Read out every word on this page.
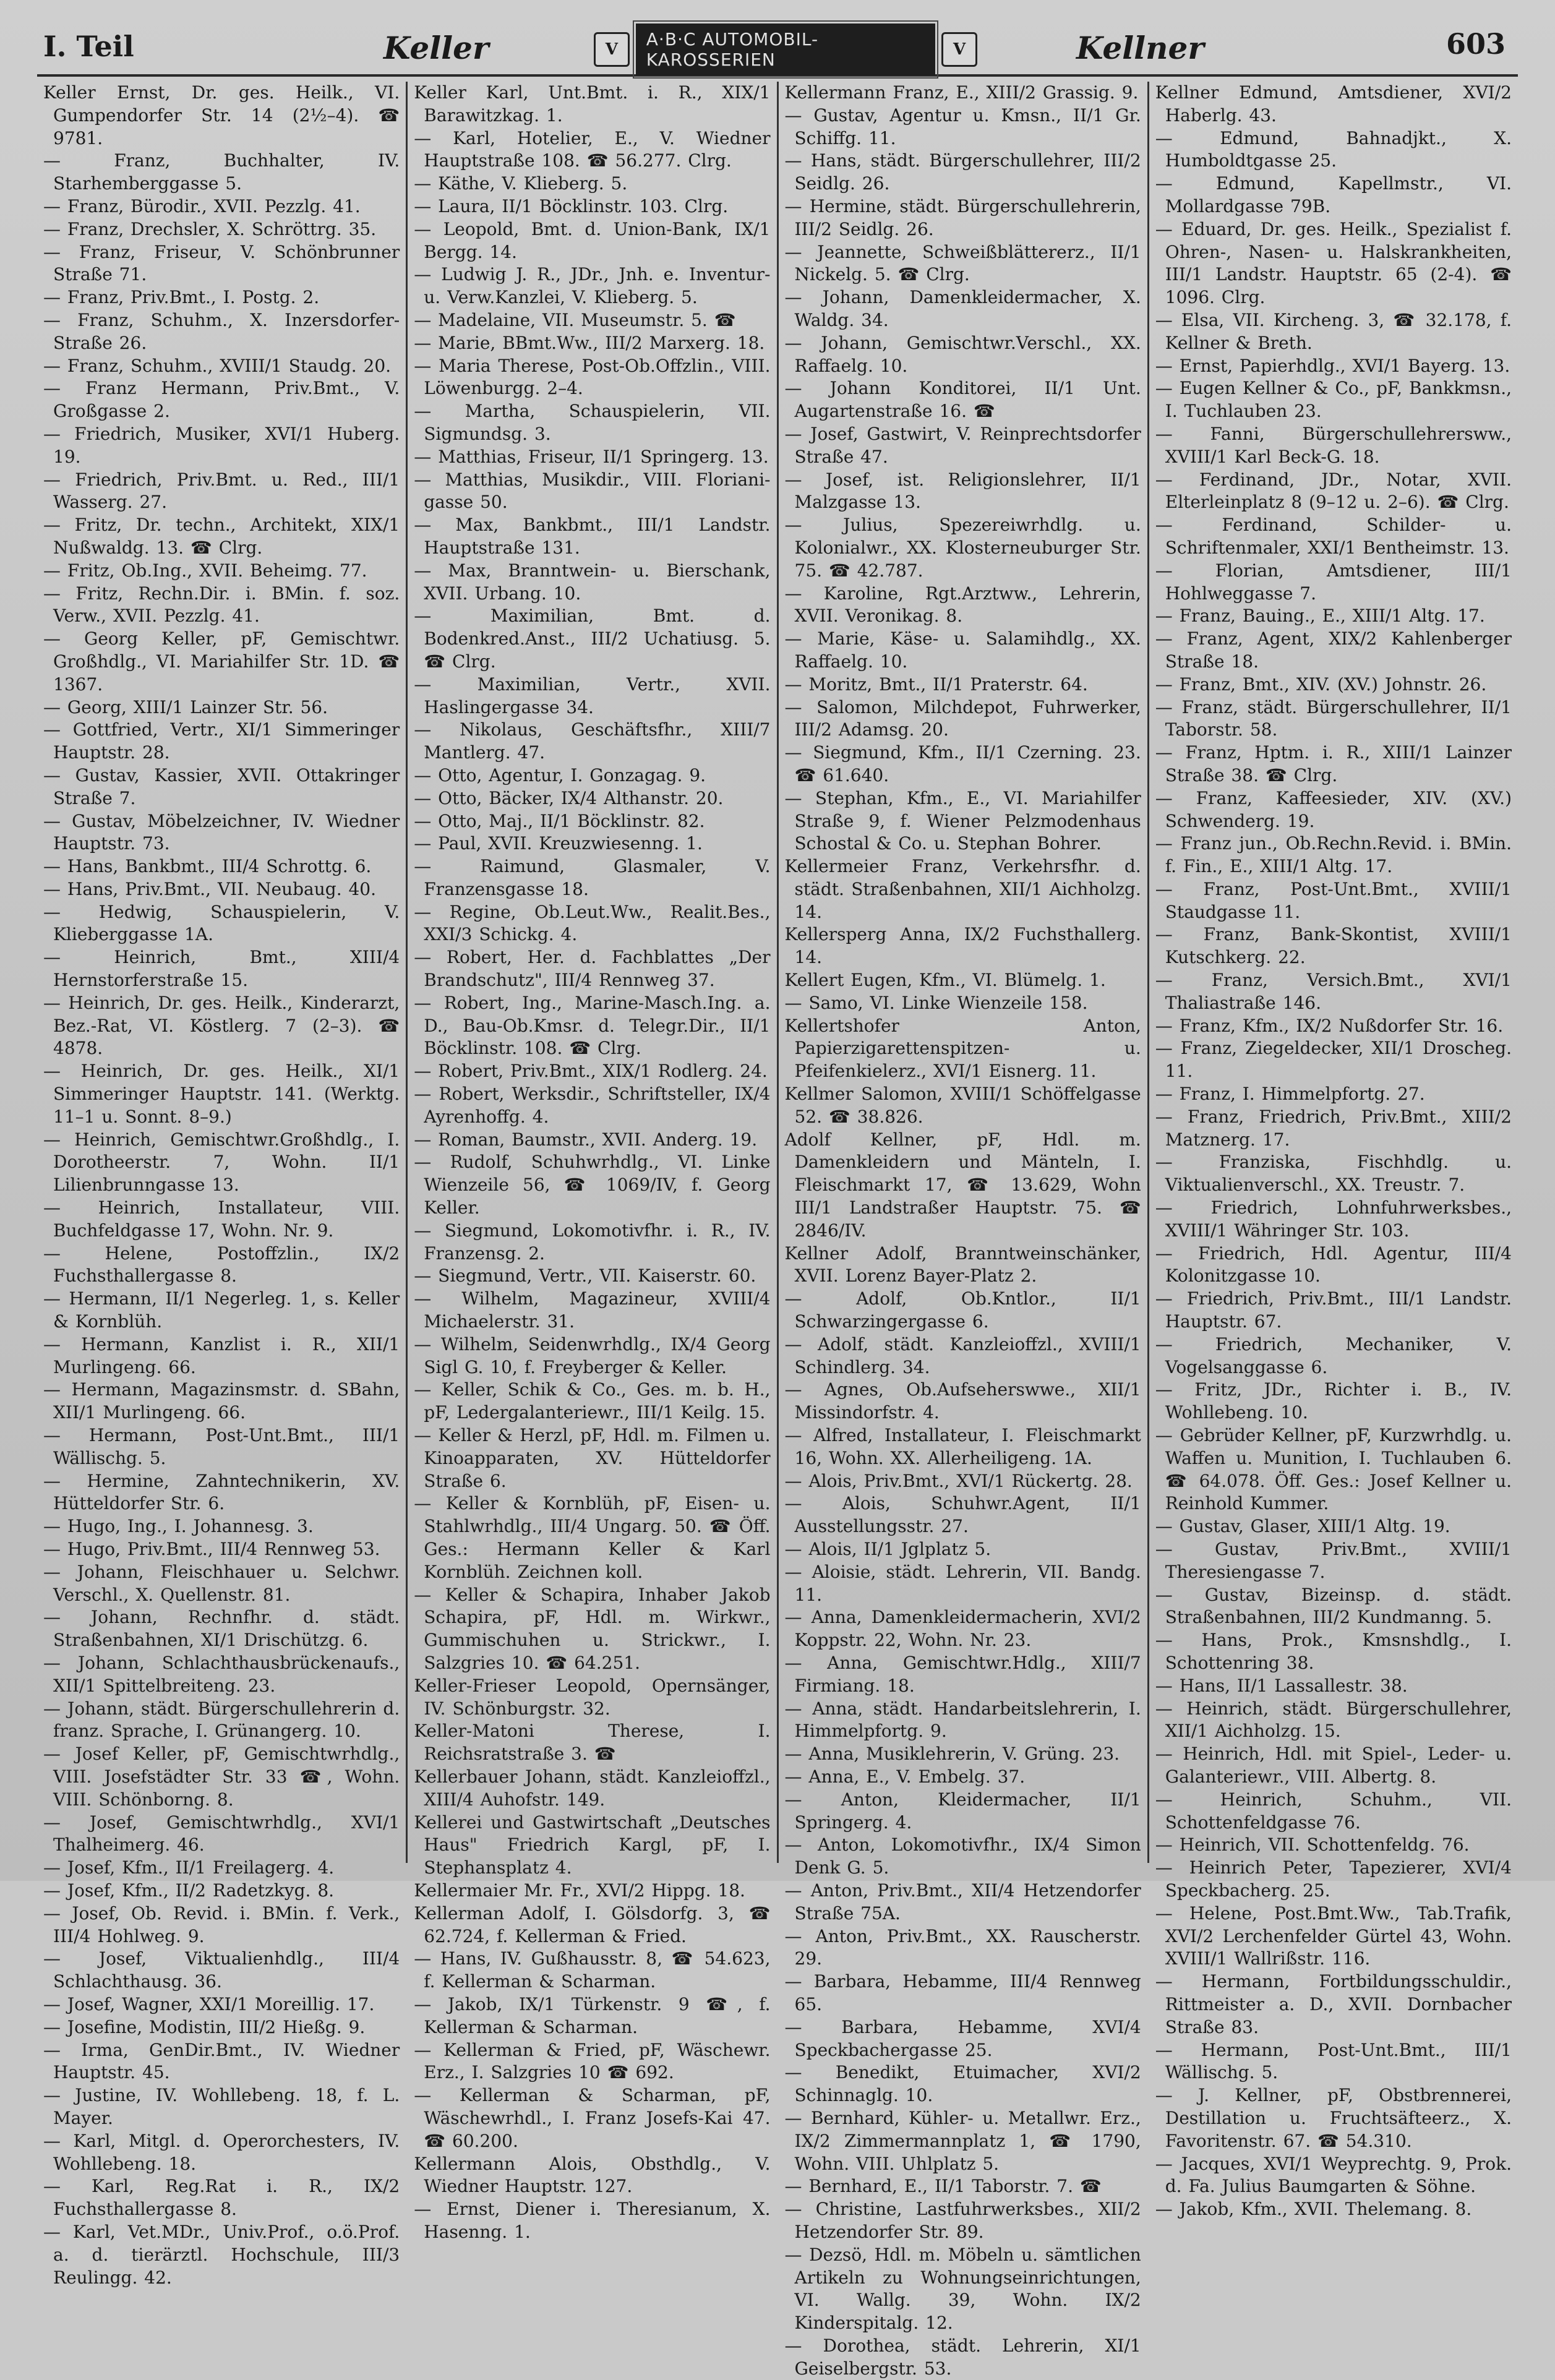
I. Teil	Keller	V	A·B·C AUTOMOBIL-KAROSSERIEN	V	Kellner	603

Keller Ernst, Dr. ges. Heilk., VI. Gumpendorfer Str. 14 (2½–4). ☎ 9781.

— Franz, Buchhalter, IV. Starhemberggasse 5.

— Franz, Bürodir., XVII. Pezzlg. 41.

— Franz, Drechsler, X. Schröttrg. 35.

— Franz, Friseur, V. Schönbrunner Straße 71.

— Franz, Priv.Bmt., I. Postg. 2.

— Franz, Schuhm., X. Inzersdorfer-Straße 26.

— Franz, Schuhm., XVIII/1 Staudg. 20.

— Franz Hermann, Priv.Bmt., V. Großgasse 2.

— Friedrich, Musiker, XVI/1 Huberg. 19.

— Friedrich, Priv.Bmt. u. Red., III/1 Wasserg. 27.

— Fritz, Dr. techn., Architekt, XIX/1 Nußwaldg. 13. ☎ Clrg.

— Fritz, Ob.Ing., XVII. Beheimg. 77.

— Fritz, Rechn.Dir. i. BMin. f. soz. Verw., XVII. Pezzlg. 41.

— Georg Keller, pF, Gemischtwr. Großhdlg., VI. Mariahilfer Str. 1D. ☎ 1367.

— Georg, XIII/1 Lainzer Str. 56.

— Gottfried, Vertr., XI/1 Simmeringer Hauptstr. 28.

— Gustav, Kassier, XVII. Ottakringer Straße 7.

— Gustav, Möbelzeichner, IV. Wiedner Hauptstr. 73.

— Hans, Bankbmt., III/4 Schrottg. 6.

— Hans, Priv.Bmt., VII. Neubaug. 40.

— Hedwig, Schauspielerin, V. Klieberggasse 1A.

— Heinrich, Bmt., XIII/4 Hernstorferstraße 15.

— Heinrich, Dr. ges. Heilk., Kinderarzt, Bez.-Rat, VI. Köstlerg. 7 (2–3). ☎ 4878.

— Heinrich, Dr. ges. Heilk., XI/1 Simmeringer Hauptstr. 141. (Werktg. 11–1 u. Sonnt. 8–9.)

— Heinrich, Gemischtwr.Großhdlg., I. Dorotheerstr. 7, Wohn. II/1 Lilienbrunngasse 13.

— Heinrich, Installateur, VIII. Buchfeldgasse 17, Wohn. Nr. 9.

— Helene, Postoffzlin., IX/2 Fuchsthallergasse 8.

— Hermann, II/1 Negerleg. 1, s. Keller & Kornblüh.

— Hermann, Kanzlist i. R., XII/1 Murlingeng. 66.

— Hermann, Magazinsmstr. d. SBahn, XII/1 Murlingeng. 66.

— Hermann, Post-Unt.Bmt., III/1 Wällischg. 5.

— Hermine, Zahntechnikerin, XV. Hütteldorfer Str. 6.

— Hugo, Ing., I. Johannesg. 3.

— Hugo, Priv.Bmt., III/4 Rennweg 53.

— Johann, Fleischhauer u. Selchwr. Verschl., X. Quellenstr. 81.

— Johann, Rechnfhr. d. städt. Straßenbahnen, XI/1 Drischützg. 6.

— Johann, Schlachthausbrückenaufs., XII/1 Spittelbreiteng. 23.

— Johann, städt. Bürgerschullehrerin d. franz. Sprache, I. Grünangerg. 10.

— Josef Keller, pF, Gemischtwrhdlg., VIII. Josefstädter Str. 33 ☎, Wohn. VIII. Schönborng. 8.

— Josef, Gemischtwrhdlg., XVI/1 Thalheimerg. 46.

— Josef, Kfm., II/1 Freilagerg. 4.

— Josef, Kfm., II/2 Radetzkyg. 8.

— Josef, Ob. Revid. i. BMin. f. Verk., III/4 Hohlweg. 9.

— Josef, Viktualienhdlg., III/4 Schlachthausg. 36.

— Josef, Wagner, XXI/1 Moreillig. 17.

— Josefine, Modistin, III/2 Hießg. 9.

— Irma, GenDir.Bmt., IV. Wiedner Hauptstr. 45.

— Justine, IV. Wohllebeng. 18, f. L. Mayer.

— Karl, Mitgl. d. Operorchesters, IV. Wohllebeng. 18.

— Karl, Reg.Rat i. R., IX/2 Fuchsthallergasse 8.

— Karl, Vet.MDr., Univ.Prof., o.ö.Prof. a. d. tierärztl. Hochschule, III/3 Reulingg. 42.

Keller Karl, Unt.Bmt. i. R., XIX/1 Barawitzkag. 1.

— Karl, Hotelier, E., V. Wiedner Hauptstraße 108. ☎ 56.277. Clrg.

— Käthe, V. Klieberg. 5.

— Laura, II/1 Böcklinstr. 103. Clrg.

— Leopold, Bmt. d. Union-Bank, IX/1 Bergg. 14.

— Ludwig J. R., JDr., Jnh. e. Inventur- u. Verw.Kanzlei, V. Klieberg. 5.

— Madelaine, VII. Museumstr. 5. ☎

— Marie, BBmt.Ww., III/2 Marxerg. 18.

— Maria Therese, Post-Ob.Offzlin., VIII. Löwenburgg. 2–4.

— Martha, Schauspielerin, VII. Sigmundsg. 3.

— Matthias, Friseur, II/1 Springerg. 13.

— Matthias, Musikdir., VIII. Floriani-gasse 50.

— Max, Bankbmt., III/1 Landstr. Hauptstraße 131.

— Max, Branntwein- u. Bierschank, XVII. Urbang. 10.

— Maximilian, Bmt. d. Bodenkred.Anst., III/2 Uchatiusg. 5. ☎ Clrg.

— Maximilian, Vertr., XVII. Haslingergasse 34.

— Nikolaus, Geschäftsfhr., XIII/7 Mantlerg. 47.

— Otto, Agentur, I. Gonzagag. 9.

— Otto, Bäcker, IX/4 Althanstr. 20.

— Otto, Maj., II/1 Böcklinstr. 82.

— Paul, XVII. Kreuzwiesenng. 1.

— Raimund, Glasmaler, V. Franzensgasse 18.

— Regine, Ob.Leut.Ww., Realit.Bes., XXI/3 Schickg. 4.

— Robert, Her. d. Fachblattes „Der Brandschutz", III/4 Rennweg 37.

— Robert, Ing., Marine-Masch.Ing. a. D., Bau-Ob.Kmsr. d. Telegr.Dir., II/1 Böcklinstr. 108. ☎ Clrg.

— Robert, Priv.Bmt., XIX/1 Rodlerg. 24.

— Robert, Werksdir., Schriftsteller, IX/4 Ayrenhoffg. 4.

— Roman, Baumstr., XVII. Anderg. 19.

— Rudolf, Schuhwrhdlg., VI. Linke Wienzeile 56, ☎ 1069/IV, f. Georg Keller.

— Siegmund, Lokomotivfhr. i. R., IV. Franzensg. 2.

— Siegmund, Vertr., VII. Kaiserstr. 60.

— Wilhelm, Magazineur, XVIII/4 Michaelerstr. 31.

— Wilhelm, Seidenwrhdlg., IX/4 Georg Sigl G. 10, f. Freyberger & Keller.

— Keller, Schik & Co., Ges. m. b. H., pF, Ledergalanteriewr., III/1 Keilg. 15.

— Keller & Herzl, pF, Hdl. m. Filmen u. Kinoapparaten, XV. Hütteldorfer Straße 6.

— Keller & Kornblüh, pF, Eisen- u. Stahlwrhdlg., III/4 Ungarg. 50. ☎ Öff. Ges.: Hermann Keller & Karl Kornblüh. Zeichnen koll.

— Keller & Schapira, Inhaber Jakob Schapira, pF, Hdl. m. Wirkwr., Gummischuhen u. Strickwr., I. Salzgries 10. ☎ 64.251.

Keller-Frieser Leopold, Opernsänger, IV. Schönburgstr. 32.

Keller-Matoni Therese, I. Reichsratstraße 3. ☎

Kellerbauer Johann, städt. Kanzleioffzl., XIII/4 Auhofstr. 149.

Kellerei und Gastwirtschaft „Deutsches Haus" Friedrich Kargl, pF, I. Stephansplatz 4.

Kellermaier Mr. Fr., XVI/2 Hippg. 18.

Kellerman Adolf, I. Gölsdorfg. 3, ☎ 62.724, f. Kellerman & Fried.

— Hans, IV. Gußhausstr. 8, ☎ 54.623, f. Kellerman & Scharman.

— Jakob, IX/1 Türkenstr. 9 ☎, f. Kellerman & Scharman.

— Kellerman & Fried, pF, Wäschewr. Erz., I. Salzgries 10 ☎ 692.

— Kellerman & Scharman, pF, Wäschewrhdl., I. Franz Josefs-Kai 47. ☎ 60.200.

Kellermann Alois, Obsthdlg., V. Wiedner Hauptstr. 127.

— Ernst, Diener i. Theresianum, X. Hasenng. 1.

Kellermann Franz, E., XIII/2 Grassig. 9.

— Gustav, Agentur u. Kmsn., II/1 Gr. Schiffg. 11.

— Hans, städt. Bürgerschullehrer, III/2 Seidlg. 26.

— Hermine, städt. Bürgerschullehrerin, III/2 Seidlg. 26.

— Jeannette, Schweißblättererz., II/1 Nickelg. 5. ☎ Clrg.

— Johann, Damenkleidermacher, X. Waldg. 34.

— Johann, Gemischtwr.Verschl., XX. Raffaelg. 10.

— Johann Konditorei, II/1 Unt. Augartenstraße 16. ☎

— Josef, Gastwirt, V. Reinprechtsdorfer Straße 47.

— Josef, ist. Religionslehrer, II/1 Malzgasse 13.

— Julius, Spezereiwrhdlg. u. Kolonialwr., XX. Klosterneuburger Str. 75. ☎ 42.787.

— Karoline, Rgt.Arztww., Lehrerin, XVII. Veronikag. 8.

— Marie, Käse- u. Salamihdlg., XX. Raffaelg. 10.

— Moritz, Bmt., II/1 Praterstr. 64.

— Salomon, Milchdepot, Fuhrwerker, III/2 Adamsg. 20.

— Siegmund, Kfm., II/1 Czerning. 23. ☎ 61.640.

— Stephan, Kfm., E., VI. Mariahilfer Straße 9, f. Wiener Pelzmodenhaus Schostal & Co. u. Stephan Bohrer.

Kellermeier Franz, Verkehrsfhr. d. städt. Straßenbahnen, XII/1 Aichholzg. 14.

Kellersperg Anna, IX/2 Fuchsthallerg. 14.

Kellert Eugen, Kfm., VI. Blümelg. 1.

— Samo, VI. Linke Wienzeile 158.

Kellertshofer Anton, Papierzigarettenspitzen- u. Pfeifenkielerz., XVI/1 Eisnerg. 11.

Kellmer Salomon, XVIII/1 Schöffelgasse 52. ☎ 38.826.

Adolf Kellner, pF, Hdl. m. Damenkleidern und Mänteln, I. Fleischmarkt 17, ☎ 13.629, Wohn III/1 Landstraßer Hauptstr. 75. ☎ 2846/IV.

Kellner Adolf, Branntweinschänker, XVII. Lorenz Bayer-Platz 2.

— Adolf, Ob.Kntlor., II/1 Schwarzingergasse 6.

— Adolf, städt. Kanzleioffzl., XVIII/1 Schindlerg. 34.

— Agnes, Ob.Aufseherswwe., XII/1 Missindorfstr. 4.

— Alfred, Installateur, I. Fleischmarkt 16, Wohn. XX. Allerheiligeng. 1A.

— Alois, Priv.Bmt., XVI/1 Rückertg. 28.

— Alois, Schuhwr.Agent, II/1 Ausstellungsstr. 27.

— Alois, II/1 Jglplatz 5.

— Aloisie, städt. Lehrerin, VII. Bandg. 11.

— Anna, Damenkleidermacherin, XVI/2 Koppstr. 22, Wohn. Nr. 23.

— Anna, Gemischtwr.Hdlg., XIII/7 Firmiang. 18.

— Anna, städt. Handarbeitslehrerin, I. Himmelpfortg. 9.

— Anna, Musiklehrerin, V. Grüng. 23.

— Anna, E., V. Embelg. 37.

— Anton, Kleidermacher, II/1 Springerg. 4.

— Anton, Lokomotivfhr., IX/4 Simon Denk G. 5.

— Anton, Priv.Bmt., XII/4 Hetzendorfer Straße 75A.

— Anton, Priv.Bmt., XX. Rauscherstr. 29.

— Barbara, Hebamme, III/4 Rennweg 65.

— Barbara, Hebamme, XVI/4 Speckbachergasse 25.

— Benedikt, Etuimacher, XVI/2 Schinnaglg. 10.

— Bernhard, Kühler- u. Metallwr. Erz., IX/2 Zimmermannplatz 1, ☎ 1790, Wohn. VIII. Uhlplatz 5.

— Bernhard, E., II/1 Taborstr. 7. ☎

— Christine, Lastfuhrwerksbes., XII/2 Hetzendorfer Str. 89.

— Dezsö, Hdl. m. Möbeln u. sämtlichen Artikeln zu Wohnungseinrichtungen, VI. Wallg. 39, Wohn. IX/2 Kinderspitalg. 12.

— Dorothea, städt. Lehrerin, XI/1 Geiselbergstr. 53.

Kellner Edmund, Amtsdiener, XVI/2 Haberlg. 43.

— Edmund, Bahnadjkt., X. Humboldtgasse 25.

— Edmund, Kapellmstr., VI. Mollardgasse 79B.

— Eduard, Dr. ges. Heilk., Spezialist f. Ohren-, Nasen- u. Halskrankheiten, III/1 Landstr. Hauptstr. 65 (2-4). ☎ 1096. Clrg.

— Elsa, VII. Kircheng. 3, ☎ 32.178, f. Kellner & Breth.

— Ernst, Papierhdlg., XVI/1 Bayerg. 13.

— Eugen Kellner & Co., pF, Bankkmsn., I. Tuchlauben 23.

— Fanni, Bürgerschullehrersww., XVIII/1 Karl Beck-G. 18.

— Ferdinand, JDr., Notar, XVII. Elterleinplatz 8 (9–12 u. 2–6). ☎ Clrg.

— Ferdinand, Schilder- u. Schriftenmaler, XXI/1 Bentheimstr. 13.

— Florian, Amtsdiener, III/1 Hohlweggasse 7.

— Franz, Bauing., E., XIII/1 Altg. 17.

— Franz, Agent, XIX/2 Kahlenberger Straße 18.

— Franz, Bmt., XIV. (XV.) Johnstr. 26.

— Franz, städt. Bürgerschullehrer, II/1 Taborstr. 58.

— Franz, Hptm. i. R., XIII/1 Lainzer Straße 38. ☎ Clrg.

— Franz, Kaffeesieder, XIV. (XV.) Schwenderg. 19.

— Franz jun., Ob.Rechn.Revid. i. BMin. f. Fin., E., XIII/1 Altg. 17.

— Franz, Post-Unt.Bmt., XVIII/1 Staudgasse 11.

— Franz, Bank-Skontist, XVIII/1 Kutschkerg. 22.

— Franz, Versich.Bmt., XVI/1 Thaliastraße 146.

— Franz, Kfm., IX/2 Nußdorfer Str. 16.

— Franz, Ziegeldecker, XII/1 Droscheg. 11.

— Franz, I. Himmelpfortg. 27.

— Franz, Friedrich, Priv.Bmt., XIII/2 Matznerg. 17.

— Franziska, Fischhdlg. u. Viktualienverschl., XX. Treustr. 7.

— Friedrich, Lohnfuhrwerksbes., XVIII/1 Währinger Str. 103.

— Friedrich, Hdl. Agentur, III/4 Kolonitzgasse 10.

— Friedrich, Priv.Bmt., III/1 Landstr. Hauptstr. 67.

— Friedrich, Mechaniker, V. Vogelsanggasse 6.

— Fritz, JDr., Richter i. B., IV. Wohllebeng. 10.

— Gebrüder Kellner, pF, Kurzwrhdlg. u. Waffen u. Munition, I. Tuchlauben 6. ☎ 64.078. Öff. Ges.: Josef Kellner u. Reinhold Kummer.

— Gustav, Glaser, XIII/1 Altg. 19.

— Gustav, Priv.Bmt., XVIII/1 Theresiengasse 7.

— Gustav, Bizeinsp. d. städt. Straßenbahnen, III/2 Kundmanng. 5.

— Hans, Prok., Kmsnshdlg., I. Schottenring 38.

— Hans, II/1 Lassallestr. 38.

— Heinrich, städt. Bürgerschullehrer, XII/1 Aichholzg. 15.

— Heinrich, Hdl. mit Spiel-, Leder- u. Galanteriewr., VIII. Albertg. 8.

— Heinrich, Schuhm., VII. Schottenfeldgasse 76.

— Heinrich, VII. Schottenfeldg. 76.

— Heinrich Peter, Tapezierer, XVI/4 Speckbacherg. 25.

— Helene, Post.Bmt.Ww., Tab.Trafik, XVI/2 Lerchenfelder Gürtel 43, Wohn. XVIII/1 Wallrißstr. 116.

— Hermann, Fortbildungsschuldir., Rittmeister a. D., XVII. Dornbacher Straße 83.

— Hermann, Post-Unt.Bmt., III/1 Wällischg. 5.

— J. Kellner, pF, Obstbrennerei, Destillation u. Fruchtsäfteerz., X. Favoritenstr. 67. ☎ 54.310.

— Jacques, XVI/1 Weyprechtg. 9, Prok. d. Fa. Julius Baumgarten & Söhne.

— Jakob, Kfm., XVII. Thelemang. 8.
